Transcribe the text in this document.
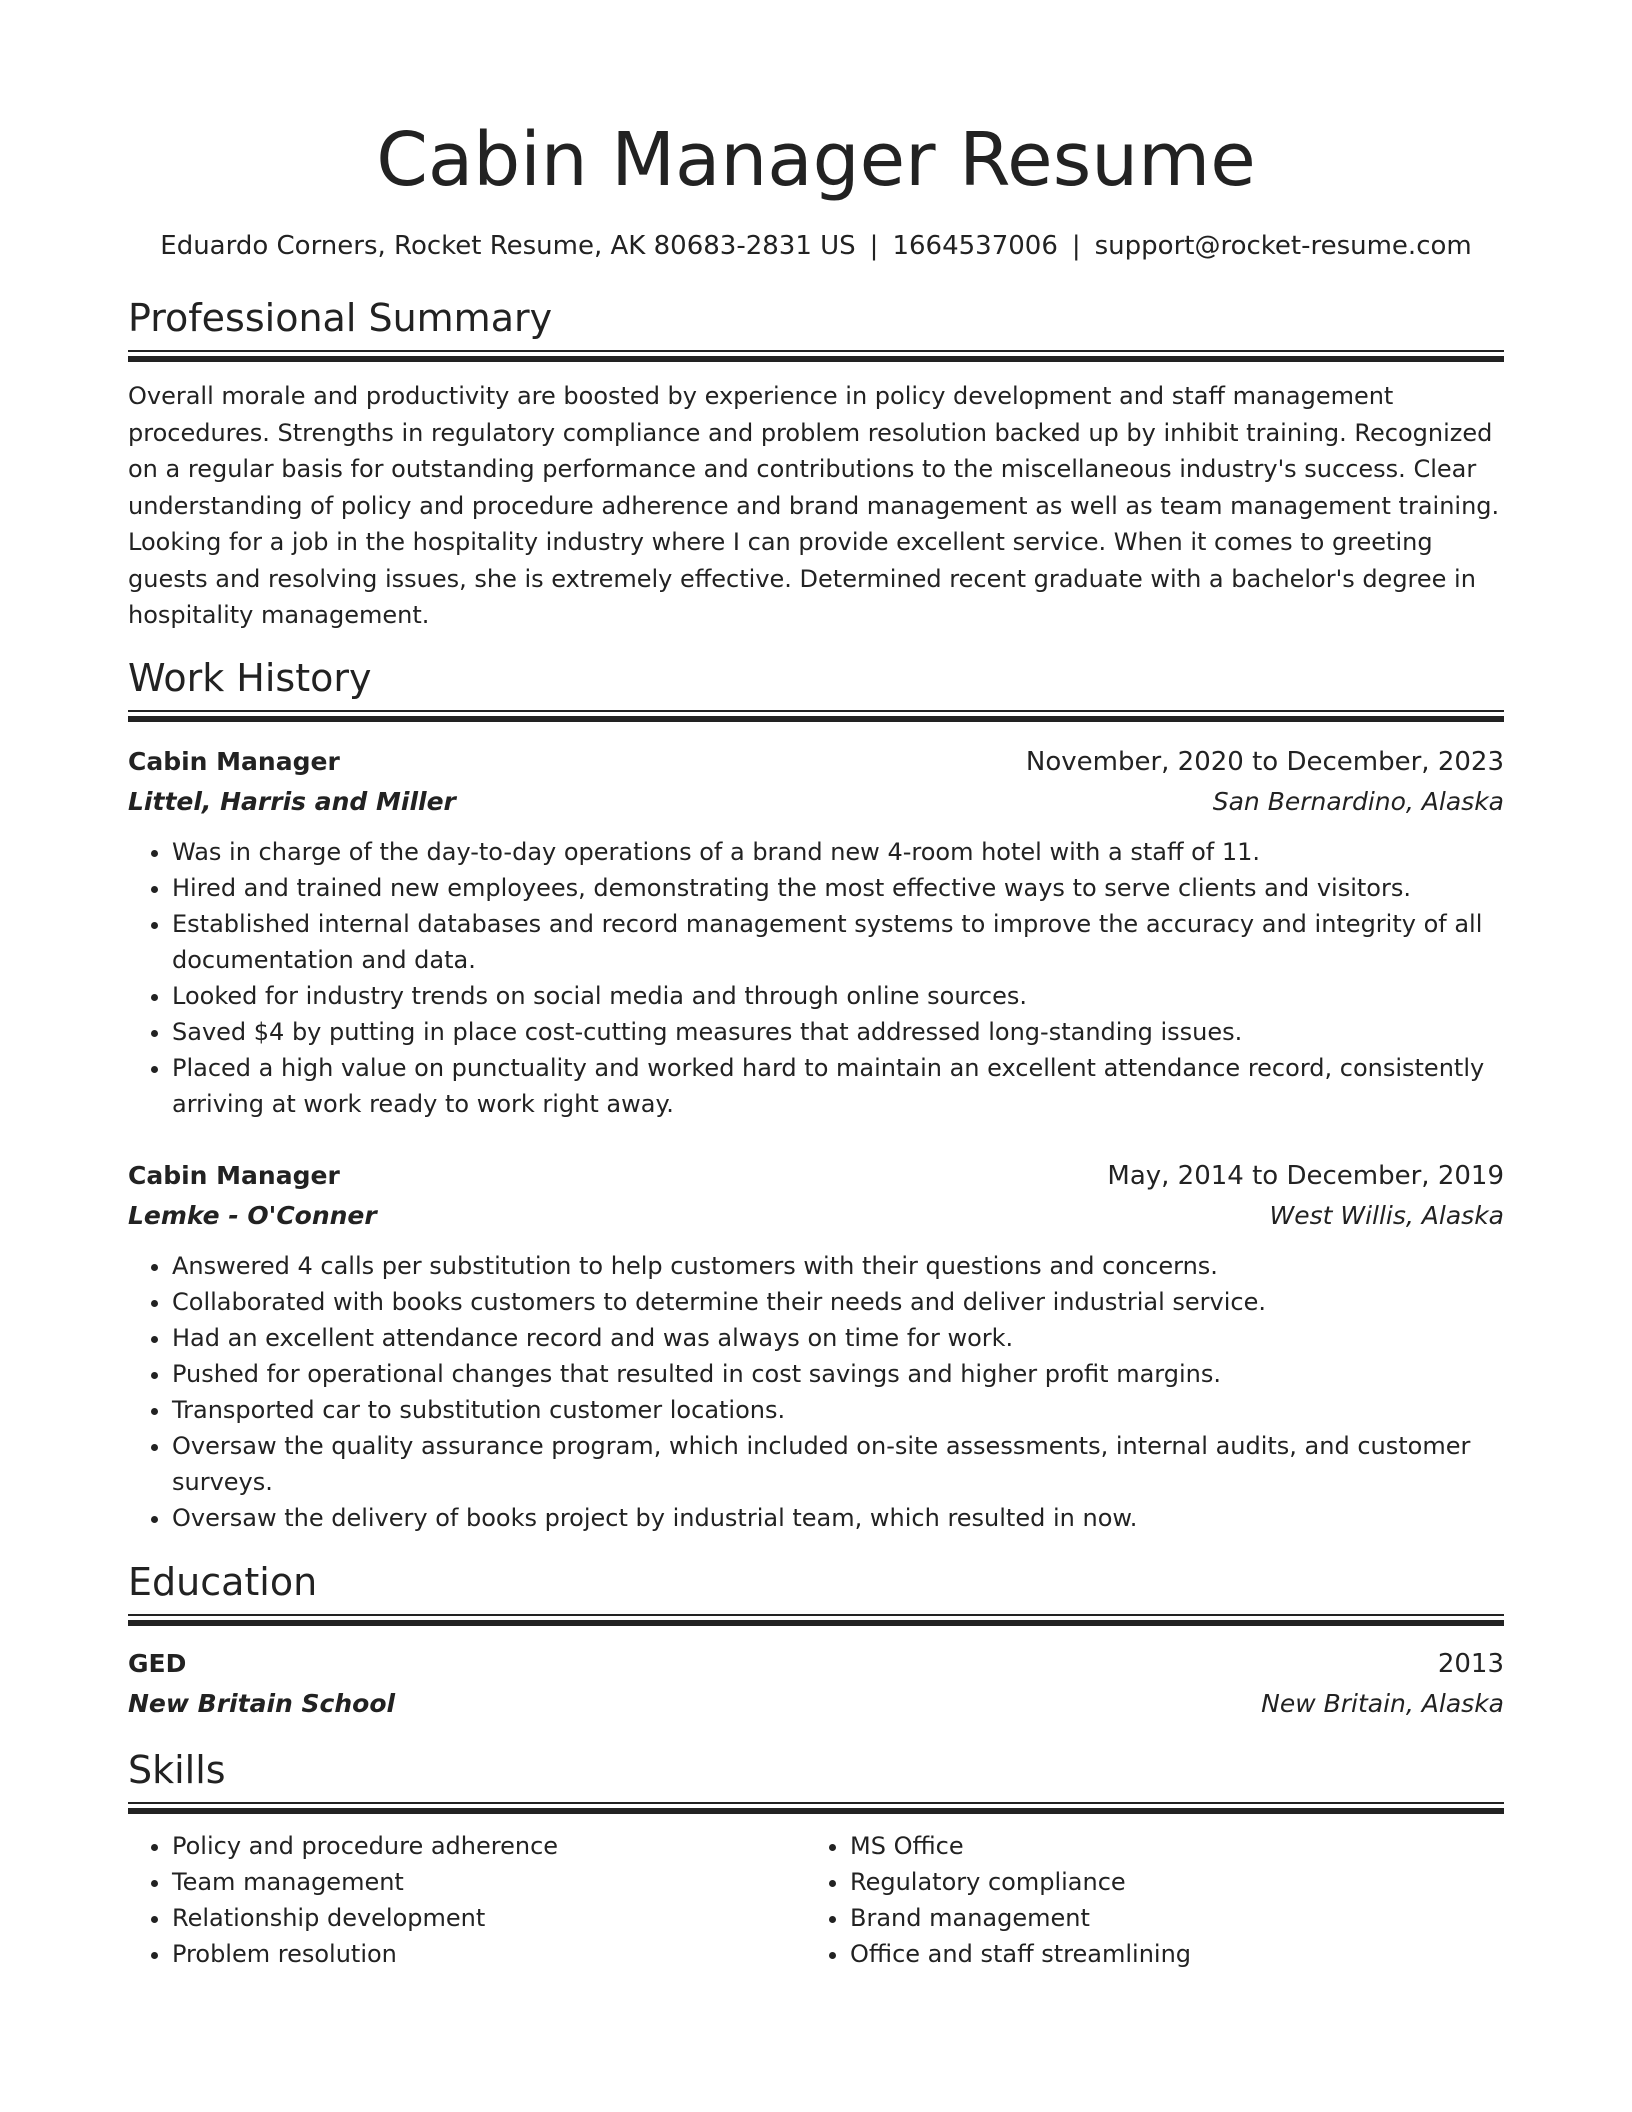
Cabin Manager Resume
Eduardo Corners, Rocket Resume, AK 80683-2831 US | 1664537006 | support@rocket-resume.com
Professional Summary

Overall morale and productivity are boosted by experience in policy development and staff management procedures. Strengths in regulatory compliance and problem resolution backed up by inhibit training. Recognized on a regular basis for outstanding performance and contributions to the miscellaneous industry's success. Clear understanding of policy and procedure adherence and brand management as well as team management training. Looking for a job in the hospitality industry where I can provide excellent service. When it comes to greeting guests and resolving issues, she is extremely effective. Determined recent graduate with a bachelor's degree in hospitality management.

Work History
Cabin Manager	November, 2020 to December, 2023
Littel, Harris and Miller	San Bernardino, Alaska
• Was in charge of the day-to-day operations of a brand new 4-room hotel with a staff of 11.
• Hired and trained new employees, demonstrating the most effective ways to serve clients and visitors.
• Established internal databases and record management systems to improve the accuracy and integrity of all documentation and data.
• Looked for industry trends on social media and through online sources.
• Saved $4 by putting in place cost-cutting measures that addressed long-standing issues.
• Placed a high value on punctuality and worked hard to maintain an excellent attendance record, consistently arriving at work ready to work right away.
Cabin Manager	May, 2014 to December, 2019
Lemke - O'Conner	West Willis, Alaska
• Answered 4 calls per substitution to help customers with their questions and concerns.
• Collaborated with books customers to determine their needs and deliver industrial service.
• Had an excellent attendance record and was always on time for work.
• Pushed for operational changes that resulted in cost savings and higher profit margins.
• Transported car to substitution customer locations.
• Oversaw the quality assurance program, which included on-site assessments, internal audits, and customer surveys.
• Oversaw the delivery of books project by industrial team, which resulted in now.
Education
GED	2013
New Britain School	New Britain, Alaska
Skills
• Policy and procedure adherence
• Team management
• Relationship development
• Problem resolution
• MS Office
• Regulatory compliance
• Brand management
• Office and staff streamlining
